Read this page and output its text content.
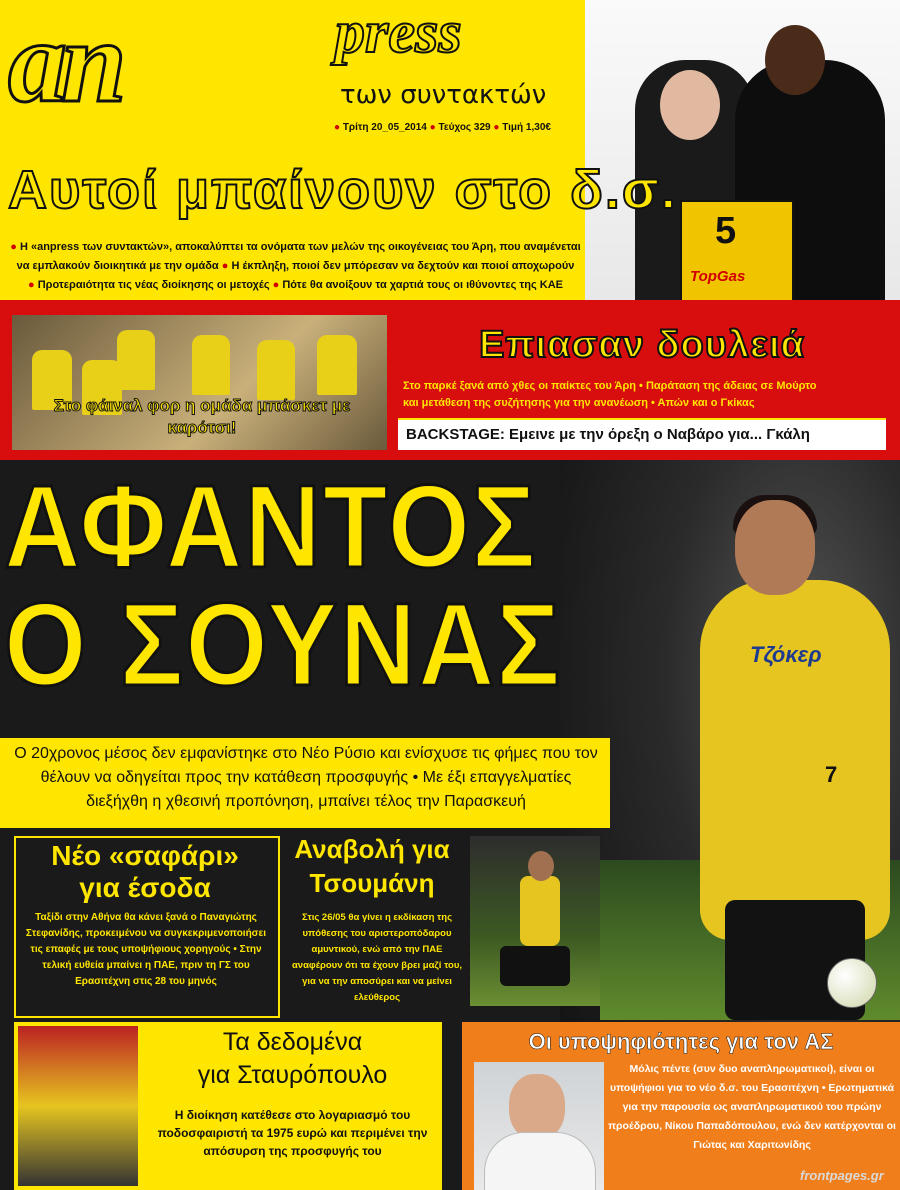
an	press
των συντακτών
● Τρίτη 20_05_2014 ● Τεύχος 329 ● Τιμή 1,30€
5
TopGas
Αυτοί μπαίνουν στο δ.σ.
● Η «anpress των συντακτών», αποκαλύπτει τα ονόματα των μελών της οικογένειας του Άρη, που αναμένεται
να εμπλακούν διοικητικά με την ομάδα ● Η έκπληξη, ποιοί δεν μπόρεσαν να δεχτούν και ποιοί αποχωρούν
● Προτεραιότητα τις νέας διοίκησης οι μετοχές ● Πότε θα ανοίξουν τα χαρτιά τους οι ιθύνοντες της ΚΑΕ
Στο φάιναλ φορ η ομάδα μπάσκετ με καρότσι!
Επιασαν δουλειά
Στο παρκέ ξανά από χθες οι παίκτες του Άρη • Παράταση της άδειας σε Μούρτο
και μετάθεση της συζήτησης για την ανανέωση • Απών και ο Γκίκας
BACKSTAGE: Εμεινε με την όρεξη ο Ναβάρο για... Γκάλη
Τζόκερ
7
ΑΦΑΝΤΟΣ
Ο ΣΟΥΝΑΣ
Ο 20χρονος μέσος δεν εμφανίστηκε στο Νέο Ρύσιο και ενίσχυσε τις φήμες που τον θέλουν να οδηγείται προς την κατάθεση προσφυγής • Με έξι επαγγελματίες διεξήχθη η χθεσινή προπόνηση, μπαίνει τέλος την Παρασκευή
Νέο «σαφάρι»
για έσοδα
Ταξίδι στην Αθήνα θα κάνει ξανά ο Παναγιώτης Στεφανίδης, προκειμένου να συγκεκριμενοποιήσει τις επαφές με τους υποψήφιους χορηγούς • Στην τελική ευθεία μπαίνει η ΠΑΕ, πριν τη ΓΣ του Ερασιτέχνη στις 28 του μηνός
Αναβολή για
Τσουμάνη
Στις 26/05 θα γίνει η εκδίκαση της υπόθεσης του αριστεροπόδαρου αμυντικού, ενώ από την ΠΑΕ αναφέρουν ότι τα έχουν βρει μαζί του, για να την αποσύρει και να μείνει ελεύθερος
Τα δεδομένα
για Σταυρόπουλο
Η διοίκηση κατέθεσε στο λογαριασμό του ποδοσφαιριστή τα 1975 ευρώ και περιμένει την απόσυρση της προσφυγής του
Οι υποψηφιότητες για τον ΑΣ
Μόλις πέντε (συν δυο αναπληρωματικοί), είναι οι υποψήφιοι για το νέο δ.σ. του Ερασιτέχνη • Ερωτηματικά για την παρουσία ως αναπληρωματικού του πρώην προέδρου, Νίκου Παπαδόπουλου, ενώ δεν κατέρχονται οι Γιώτας και Χαριτωνίδης
frontpages.gr
